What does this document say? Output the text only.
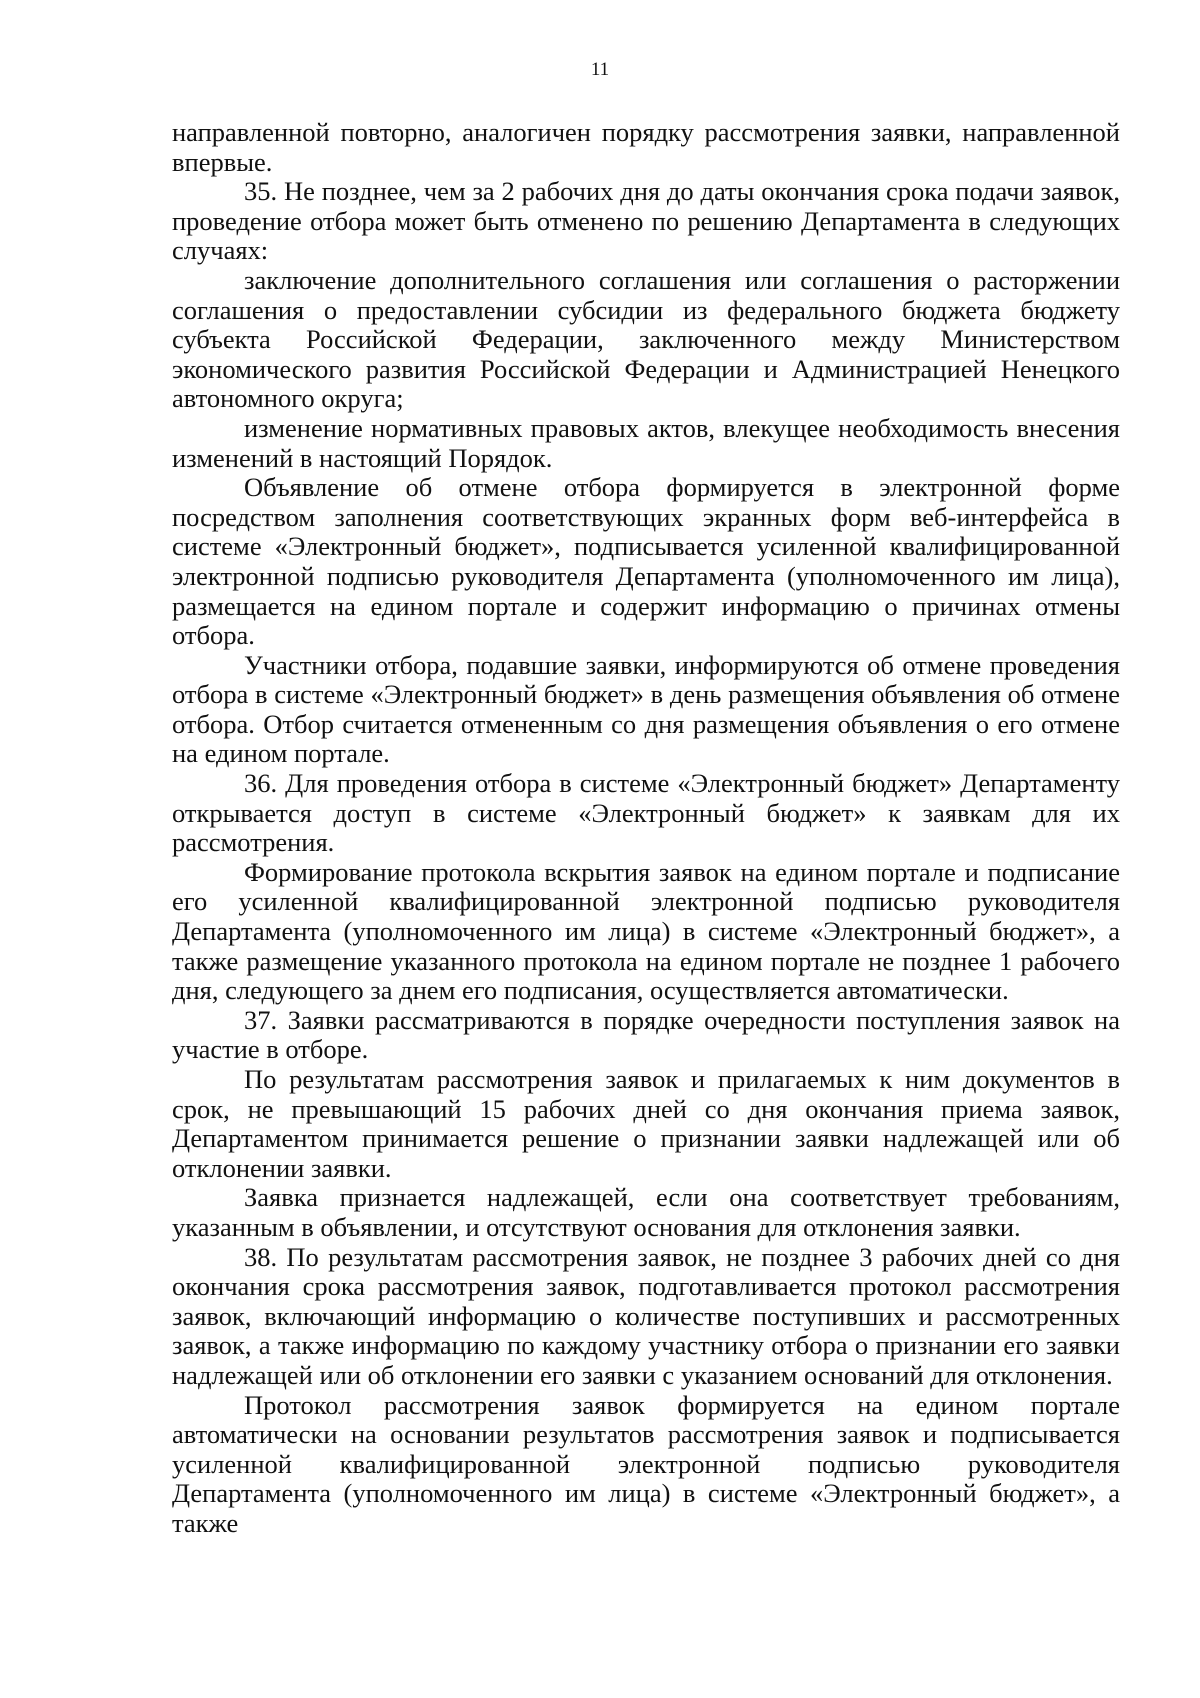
11

направленной повторно, аналогичен порядку рассмотрения заявки, направленной впервые.

35. Не позднее, чем за 2 рабочих дня до даты окончания срока подачи заявок, проведение отбора может быть отменено по решению Департамента в следующих случаях:

заключение дополнительного соглашения или соглашения о расторжении соглашения о предоставлении субсидии из федерального бюджета бюджету субъекта Российской Федерации, заключенного между Министерством экономического развития Российской Федерации и Администрацией Ненецкого автономного округа;

изменение нормативных правовых актов, влекущее необходимость внесения изменений в настоящий Порядок.

Объявление об отмене отбора формируется в электронной форме посредством заполнения соответствующих экранных форм веб-интерфейса в системе «Электронный бюджет», подписывается усиленной квалифицированной электронной подписью руководителя Департамента (уполномоченного им лица), размещается на едином портале и содержит информацию о причинах отмены отбора.

Участники отбора, подавшие заявки, информируются об отмене проведения отбора в системе «Электронный бюджет» в день размещения объявления об отмене отбора. Отбор считается отмененным со дня размещения объявления о его отмене на едином портале.

36. Для проведения отбора в системе «Электронный бюджет» Департаменту открывается доступ в системе «Электронный бюджет» к заявкам для их рассмотрения.

Формирование протокола вскрытия заявок на едином портале и подписание его усиленной квалифицированной электронной подписью руководителя Департамента (уполномоченного им лица) в системе «Электронный бюджет», а также размещение указанного протокола на едином портале не позднее 1 рабочего дня, следующего за днем его подписания, осуществляется автоматически.

37. Заявки рассматриваются в порядке очередности поступления заявок на участие в отборе.

По результатам рассмотрения заявок и прилагаемых к ним документов в срок, не превышающий 15 рабочих дней со дня окончания приема заявок, Департаментом принимается решение о признании заявки надлежащей или об отклонении заявки.

Заявка признается надлежащей, если она соответствует требованиям, указанным в объявлении, и отсутствуют основания для отклонения заявки.

38. По результатам рассмотрения заявок, не позднее 3 рабочих дней со дня окончания срока рассмотрения заявок, подготавливается протокол рассмотрения заявок, включающий информацию о количестве поступивших и рассмотренных заявок, а также информацию по каждому участнику отбора о признании его заявки надлежащей или об отклонении его заявки с указанием оснований для отклонения.

Протокол рассмотрения заявок формируется на едином портале автоматически на основании результатов рассмотрения заявок и подписывается усиленной квалифицированной электронной подписью руководителя Департамента (уполномоченного им лица) в системе «Электронный бюджет», а также
